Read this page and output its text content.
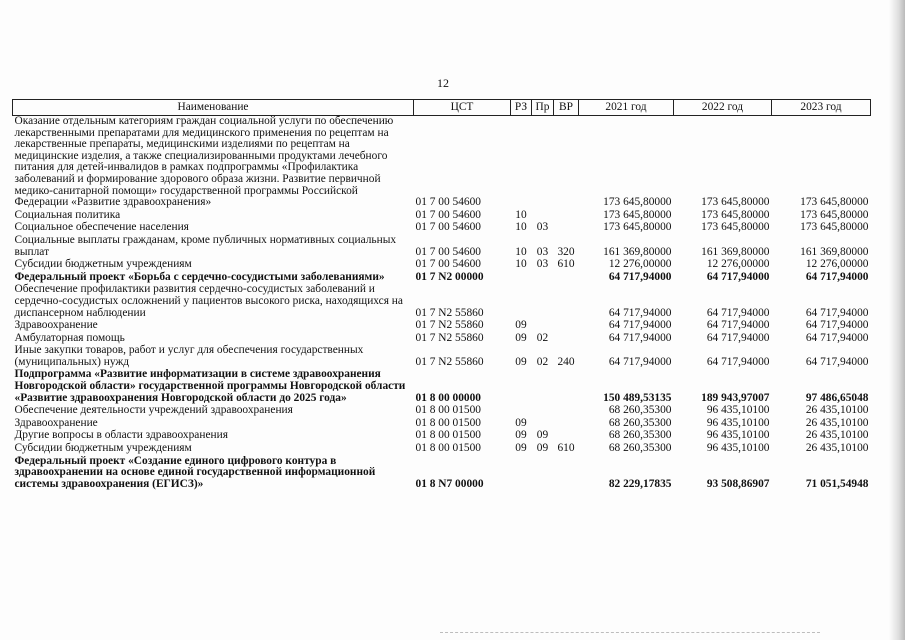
12
Наименование	ЦСТ	РЗ	Пр	ВР	2021 год	2022 год	2023 год
Оказание отдельным категориям граждан социальной услуги по обеспечению лекарственными препаратами для медицинского применения по рецептам на лекарственные препараты, медицинскими изделиями по рецептам на медицинские изделия, а также специализированными продуктами лечебного питания для детей-инвалидов в рамках подпрограммы «Профилактика заболеваний и формирование здорового образа жизни. Развитие первичной медико-санитарной помощи» государственной программы Российской Федерации «Развитие здравоохранения»	01 7 00 54600				173 645,80000	173 645,80000	173 645,80000
Социальная политика	01 7 00 54600	10			173 645,80000	173 645,80000	173 645,80000
Социальное обеспечение населения	01 7 00 54600	10	03		173 645,80000	173 645,80000	173 645,80000
Социальные выплаты гражданам, кроме публичных нормативных социальных выплат	01 7 00 54600	10	03	320	161 369,80000	161 369,80000	161 369,80000
Субсидии бюджетным учреждениям	01 7 00 54600	10	03	610	12 276,00000	12 276,00000	12 276,00000
Федеральный проект «Борьба с сердечно-сосудистыми заболеваниями»	01 7 N2 00000				64 717,94000	64 717,94000	64 717,94000
Обеспечение профилактики развития сердечно-сосудистых заболеваний и сердечно-сосудистых осложнений у пациентов высокого риска, находящихся на диспансерном наблюдении	01 7 N2 55860				64 717,94000	64 717,94000	64 717,94000
Здравоохранение	01 7 N2 55860	09			64 717,94000	64 717,94000	64 717,94000
Амбулаторная помощь	01 7 N2 55860	09	02		64 717,94000	64 717,94000	64 717,94000
Иные закупки товаров, работ и услуг для обеспечения государственных (муниципальных) нужд	01 7 N2 55860	09	02	240	64 717,94000	64 717,94000	64 717,94000
Подпрограмма «Развитие информатизации в системе здравоохранения Новгородской области» государственной программы Новгородской области «Развитие здравоохранения Новгородской области до 2025 года»	01 8 00 00000				150 489,53135	189 943,97007	97 486,65048
Обеспечение деятельности учреждений здравоохранения	01 8 00 01500				68 260,35300	96 435,10100	26 435,10100
Здравоохранение	01 8 00 01500	09			68 260,35300	96 435,10100	26 435,10100
Другие вопросы в области здравоохранения	01 8 00 01500	09	09		68 260,35300	96 435,10100	26 435,10100
Субсидии бюджетным учреждениям	01 8 00 01500	09	09	610	68 260,35300	96 435,10100	26 435,10100
Федеральный проект «Создание единого цифрового контура в здравоохранении на основе единой государственной информационной системы здравоохранения (ЕГИСЗ)»	01 8 N7 00000				82 229,17835	93 508,86907	71 051,54948
